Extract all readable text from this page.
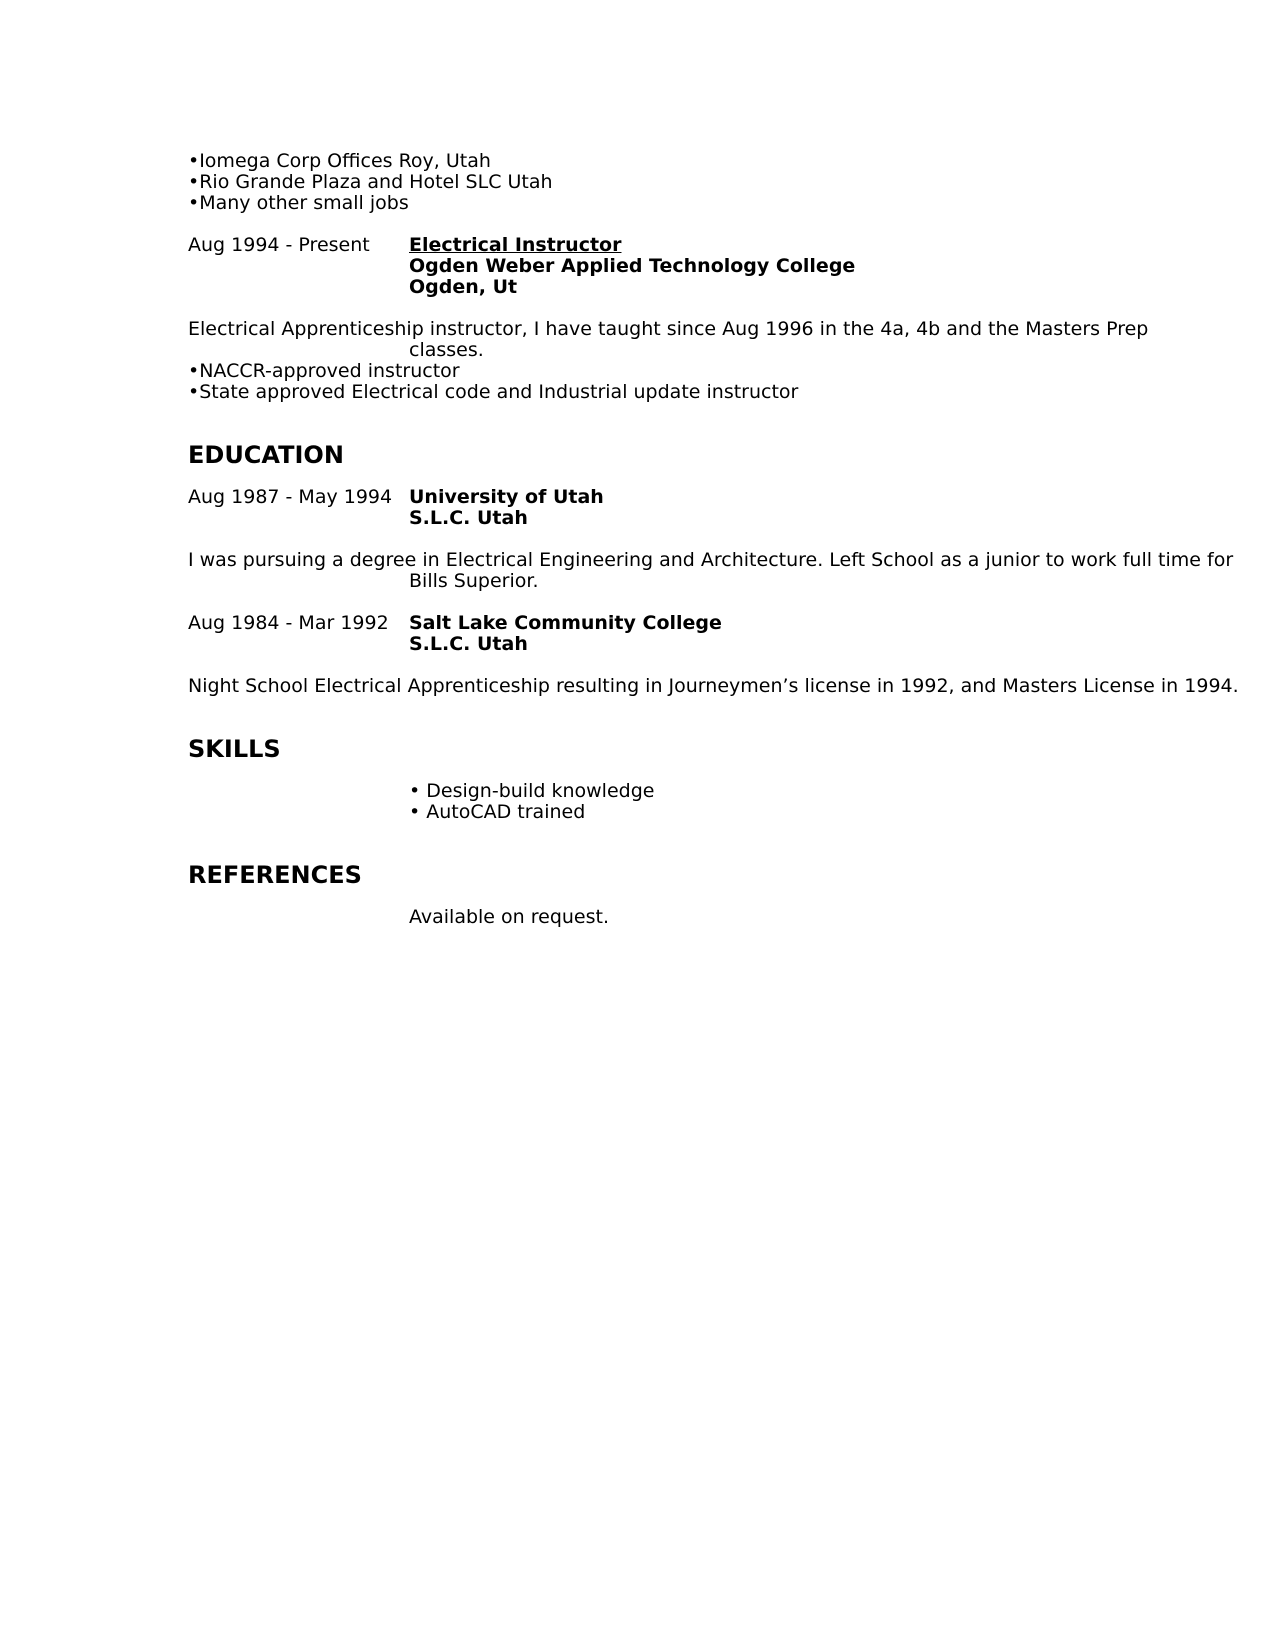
•Iomega Corp Offices Roy, Utah
•Rio Grande Plaza and Hotel SLC Utah
•Many other small jobs
Aug 1994 - Present Electrical Instructor
Ogden Weber Applied Technology College
Ogden, Ut
Electrical Apprenticeship instructor, I have taught since Aug 1996 in the 4a, 4b and the Masters Prep classes.
•NACCR-approved instructor
•State approved Electrical code and Industrial update instructor
EDUCATION
Aug 1987 - May 1994 University of Utah
S.L.C. Utah
I was pursuing a degree in Electrical Engineering and Architecture. Left School as a junior to work full time for Bills Superior.
Aug 1984 - Mar 1992 Salt Lake Community College
S.L.C. Utah
Night School Electrical Apprenticeship resulting in Journeymen’s license in 1992, and Masters License in 1994.
SKILLS
• Design-build knowledge
• AutoCAD trained
REFERENCES
Available on request.
